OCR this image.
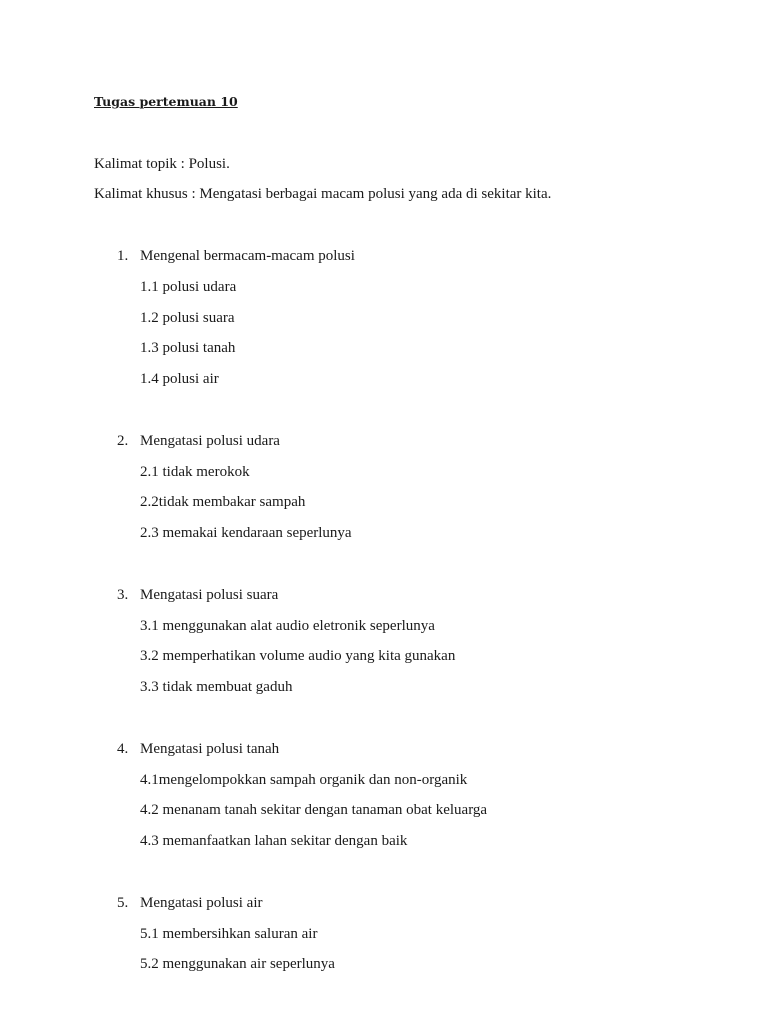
Tugas pertemuan 10
Kalimat topik : Polusi.
Kalimat khusus : Mengatasi berbagai macam polusi yang ada di sekitar kita.
1. Mengenal bermacam-macam polusi
1.1 polusi udara
1.2 polusi suara
1.3 polusi tanah
1.4 polusi air
2. Mengatasi polusi udara
2.1 tidak merokok
2.2tidak membakar sampah
2.3 memakai kendaraan seperlunya
3. Mengatasi polusi suara
3.1 menggunakan alat audio eletronik seperlunya
3.2 memperhatikan volume audio yang kita gunakan
3.3 tidak membuat gaduh
4. Mengatasi polusi tanah
4.1mengelompokkan sampah organik dan non-organik
4.2 menanam tanah sekitar dengan tanaman obat keluarga
4.3 memanfaatkan lahan sekitar dengan baik
5. Mengatasi polusi air
5.1 membersihkan saluran air
5.2 menggunakan air seperlunya
